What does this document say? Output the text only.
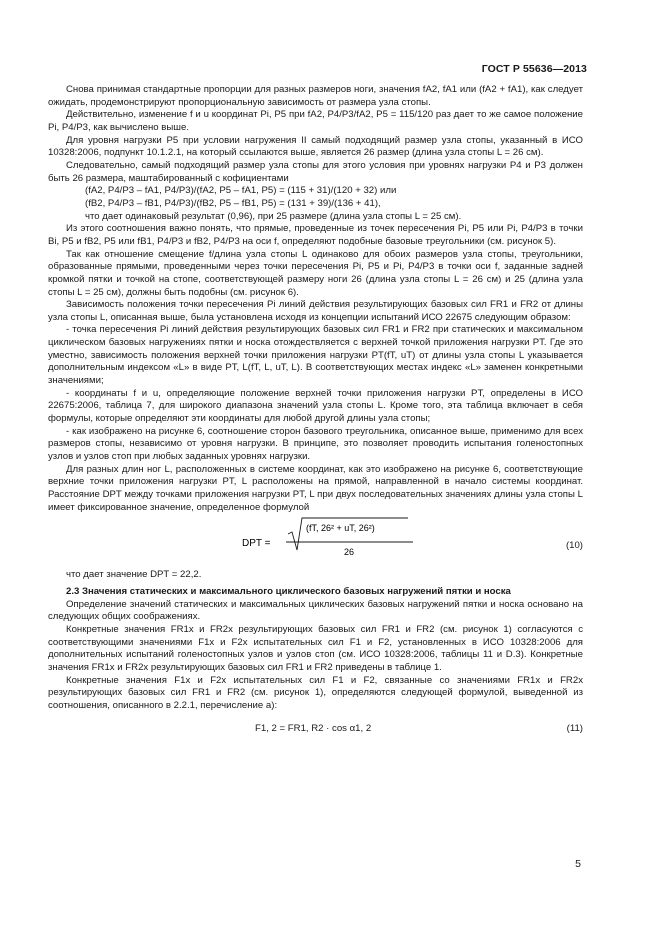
ГОСТ Р 55636—2013
Снова принимая стандартные пропорции для разных размеров ноги, значения fA2, fA1 или (fA2 + fA1), как следует ожидать, продемонстрируют пропорциональную зависимость от размера узла стопы.
Действительно, изменение f и u координат Pi, P5 при fA2, P4/P3/fA2, P5 = 115/120 раз дает то же самое положение Pi, P4/P3, как вычислено выше.
Для уровня нагрузки P5 при условии нагружения II самый подходящий размер узла стопы, указанный в ИСО 10328:2006, подпункт 10.1.2.1, на который ссылаются выше, является 26 размер (длина узла стопы L = 26 см).
Следовательно, самый подходящий размер узла стопы для этого условия при уровнях нагрузки P4 и P3 должен быть 26 размера, маштабированный с кофициентами
(fA2, P4/P3 – fA1, P4/P3)/(fA2, P5 – fA1, P5) = (115 + 31)/(120 + 32) или
(fB2, P4/P3 – fB1, P4/P3)/(fB2, P5 – fB1, P5) = (131 + 39)/(136 + 41),
что дает одинаковый результат (0,96), при 25 размере (длина узла стопы L = 25 см).
Из этого соотношения важно понять, что прямые, проведенные из точек пересечения Pi, P5 или Pi, P4/P3 в точки Bi, P5 и fB2, P5 или fB1, P4/P3 и fB2, P4/P3 на оси f, определяют подобные базовые треугольники (см. рисунок 5).
Так как отношение смещение f/длина узла стопы L одинаково для обоих размеров узла стопы, треугольники, образованные прямыми, проведенными через точки пересечения Pi, P5 и Pi, P4/P3 в точки оси f, заданные задней кромкой пятки и точкой на стопе, соответствующей размеру ноги 26 (длина узла стопы L = 26 см) и 25 (длина узла стопы L = 25 см), должны быть подобны (см. рисунок 6).
Зависимость положения точки пересечения Pi линий действия результирующих базовых сил FR1 и FR2 от длины узла стопы L, описанная выше, была установлена исходя из концепции испытаний ИСО 22675 следующим образом:
- точка пересечения Pi линий действия результирующих базовых сил FR1 и FR2 при статических и максимальном циклическом базовых нагружениях пятки и носка отождествляется с верхней точкой приложения нагрузки PT. Где это уместно, зависимость положения верхней точки приложения нагрузки PT(fT, uT) от длины узла стопы L указывается дополнительным индексом «L» в виде PT, L(fT, L, uT, L). В соответствующих местах индекс «L» заменен конкретными значениями;
- координаты f и u, определяющие положение верхней точки приложения нагрузки PT, определены в ИСО 22675:2006, таблица 7, для широкого диапазона значений узла стопы L. Кроме того, эта таблица включает в себя формулы, которые определяют эти координаты для любой другой длины узла стопы;
- как изображено на рисунке 6, соотношение сторон базового треугольника, описанное выше, применимо для всех размеров стопы, независимо от уровня нагрузки. В принципе, это позволяет проводить испытания голеностопных узлов и узлов стоп при любых заданных уровнях нагрузки.
Для разных длин ног L, расположенных в системе координат, как это изображено на рисунке 6, соответствующие верхние точки приложения нагрузки PT, L расположены на прямой, направленной в начало системы координат. Расстояние DPT между точками приложения нагрузки PT, L при двух последовательных значениях длины узла стопы L имеет фиксированное значение, определенное формулой
DPT =
(fT, 26² + uT, 26²)
26
(10)
что дает значение DPT = 22,2.
2.3 Значения статических и максимального циклического базовых нагружений пятки и носка
Определение значений статических и максимальных циклических базовых нагружений пятки и носка основано на следующих общих соображениях.
Конкретные значения FR1x и FR2x результирующих базовых сил FR1 и FR2 (см. рисунок 1) согласуются с соответствующими значениями F1x и F2x испытательных сил F1 и F2, установленных в ИСО 10328:2006 для дополнительных испытаний голеностопных узлов и узлов стоп (см. ИСО 10328:2006, таблицы 11 и D.3). Конкретные значения FR1x и FR2x результирующих базовых сил FR1 и FR2 приведены в таблице 1.
Конкретные значения F1x и F2x испытательных сил F1 и F2, связанные со значениями FR1x и FR2x результирующих базовых сил FR1 и FR2 (см. рисунок 1), определяются следующей формулой, выведенной из соотношения, описанного в 2.2.1, перечисление а):
F1, 2 = FR1, R2 · cos α1, 2	(11)
5
